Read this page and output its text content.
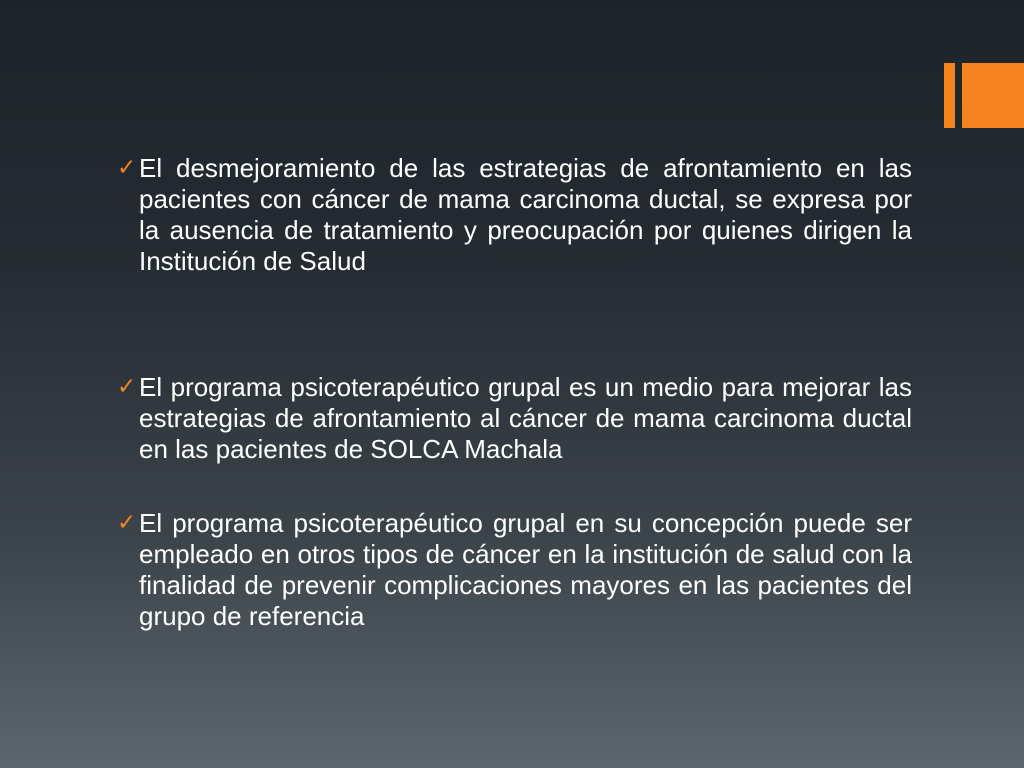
✓ El desmejoramiento de las estrategias de afrontamiento en las pacientes con cáncer de mama carcinoma ductal, se expresa por la ausencia de tratamiento y preocupación por quienes dirigen la Institución de Salud
✓ El programa psicoterapéutico grupal es un medio para mejorar las estrategias de afrontamiento al cáncer de mama carcinoma ductal en las pacientes de SOLCA Machala
✓ El programa psicoterapéutico grupal en su concepción puede ser empleado en otros tipos de cáncer en la institución de salud con la finalidad de prevenir complicaciones mayores en las pacientes del grupo de referencia
